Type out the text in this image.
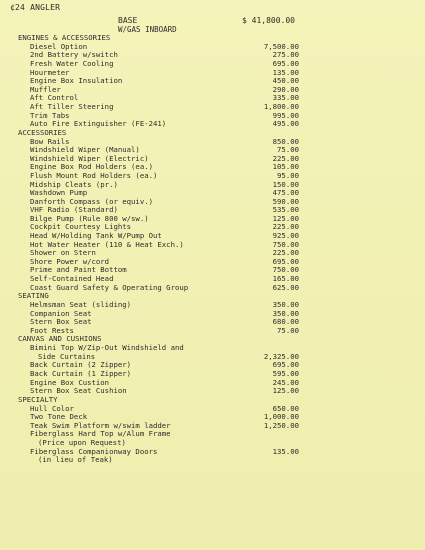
¢24 ANGLER
BASE	$ 41,800.00
W/GAS INBOARD
ENGINES & ACCESSORIES
Diesel Option	7,500.00
2nd Battery w/switch	275.00
Fresh Water Cooling	695.00
Hourmeter	135.00
Engine Box Insulation	450.00
Muffler	290.00
Aft Control	335.00
Aft Tiller Steering	1,800.00
Trim Tabs	995.00
Auto Fire Extinguisher (FE-241)	495.00
ACCESSORIES
Bow Rails	850.00
Windshield Wiper (Manual)	75.00
Windshield Wiper (Electric)	225.00
Engine Box Rod Holders (ea.)	105.00
Flush Mount Rod Holders (ea.)	95.00
Midship Cleats (pr.)	150.00
Washdown Pump	475.00
Danforth Compass (or equiv.)	590.00
VHF Radio (Standard)	535.00
Bilge Pump (Rule 800 w/sw.)	125.00
Cockpit Courtesy Lights	225.00
Head W/Holding Tank W/Pump Out	925.00
Hot Water Heater (110 & Heat Exch.)	750.00
Shower on Stern	225.00
Shore Power w/cord	695.00
Prime and Paint Bottom	750.00
Self-Contained Head	165.00
Coast Guard Safety & Operating Group	625.00
SEATING
Helmsman Seat (sliding)	350.00
Companion Seat	350.00
Stern Box Seat	680.00
Foot Rests	75.00
CANVAS AND CUSHIONS
Bimini Top W/Zip-Out Windshield and
Side Curtains	2,325.00
Back Curtain (2 Zipper)	695.00
Back Curtain (1 Zipper)	595.00
Engine Box Custion	245.00
Stern Box Seat Cushion	125.00
SPECIALTY
Hull Color	650.00
Two Tone Deck	1,000.00
Teak Swim Platform w/swim ladder	1,250.00
Fiberglass Hard Top w/Alum Frame
(Price upon Request)
Fiberglass Companionway Doors	135.00
(in lieu of Teak)
